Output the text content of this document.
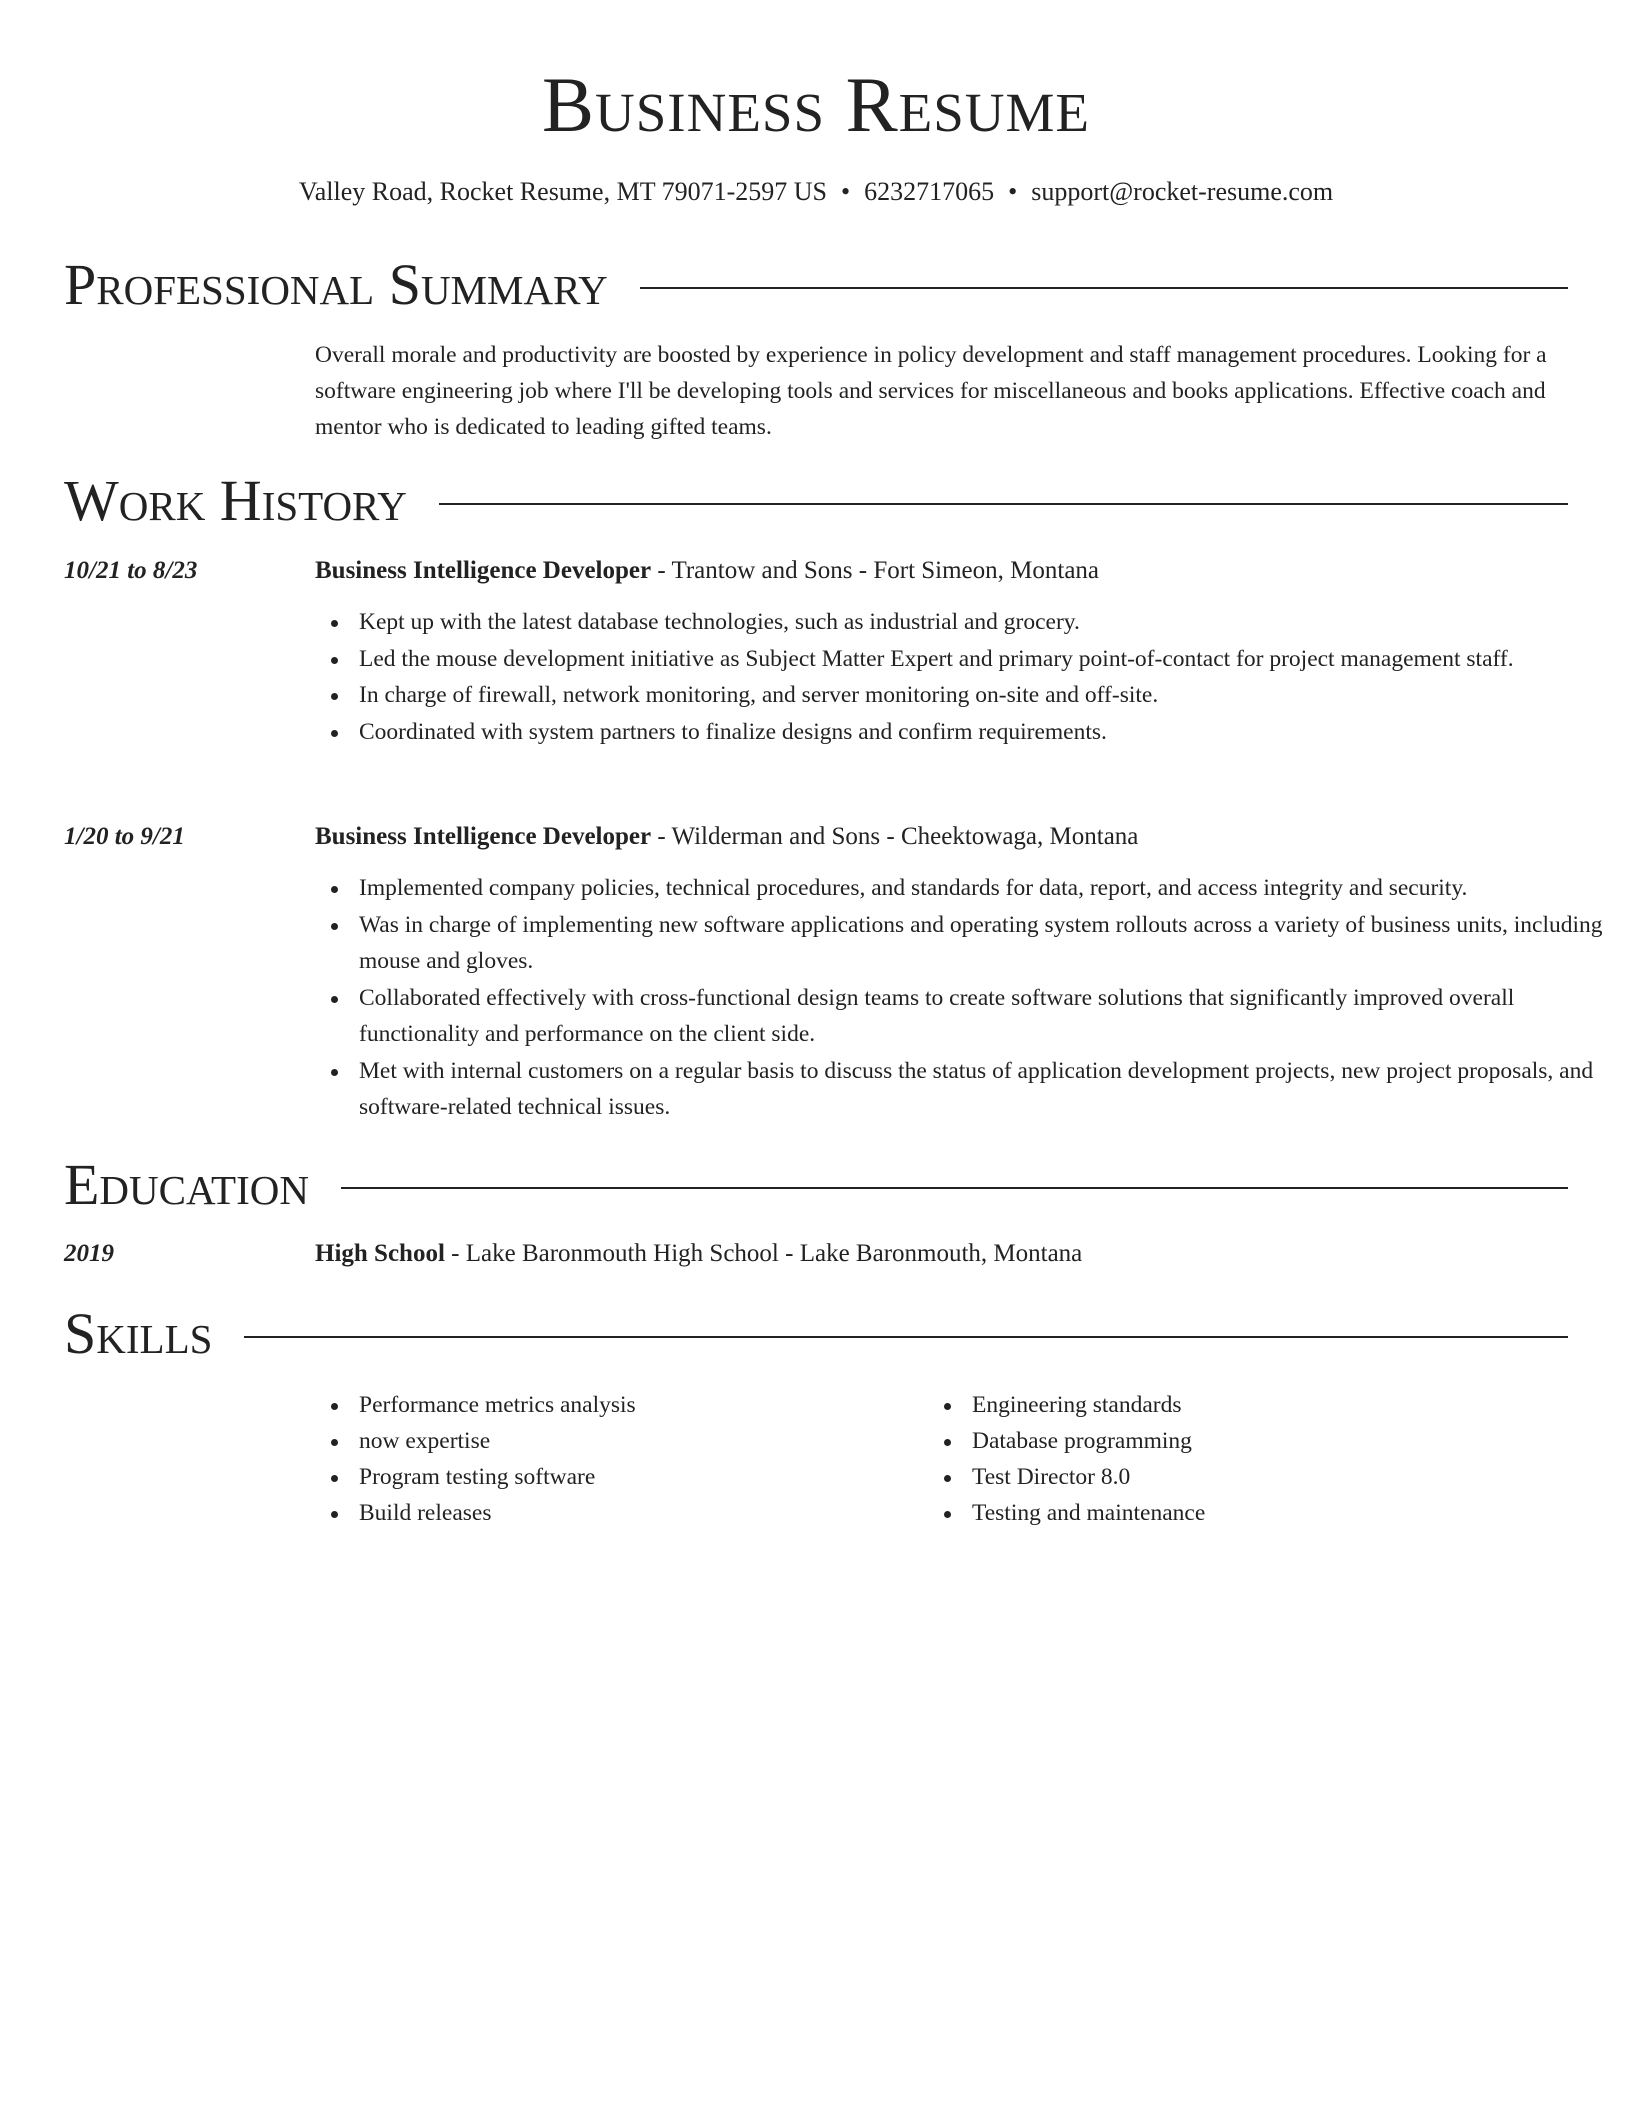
Business Resume
Valley Road, Rocket Resume, MT 79071-2597 US • 6232717065 • support@rocket-resume.com
Professional Summary

Overall morale and productivity are boosted by experience in policy development and staff management procedures. Looking for a software engineering job where I'll be developing tools and services for miscellaneous and books applications. Effective coach and mentor who is dedicated to leading gifted teams.

Work History
10/21 to 8/23	Business Intelligence Developer - Trantow and Sons - Fort Simeon, Montana
Kept up with the latest database technologies, such as industrial and grocery.
Led the mouse development initiative as Subject Matter Expert and primary point-of-contact for project management staff.
In charge of firewall, network monitoring, and server monitoring on-site and off-site.
Coordinated with system partners to finalize designs and confirm requirements.
1/20 to 9/21	Business Intelligence Developer - Wilderman and Sons - Cheektowaga, Montana
Implemented company policies, technical procedures, and standards for data, report, and access integrity and security.
Was in charge of implementing new software applications and operating system rollouts across a variety of business units, including mouse and gloves.
Collaborated effectively with cross-functional design teams to create software solutions that significantly improved overall functionality and performance on the client side.
Met with internal customers on a regular basis to discuss the status of application development projects, new project proposals, and software-related technical issues.
Education
2019	High School - Lake Baronmouth High School - Lake Baronmouth, Montana
Skills
Performance metrics analysis
now expertise
Program testing software
Build releases
Engineering standards
Database programming
Test Director 8.0
Testing and maintenance
